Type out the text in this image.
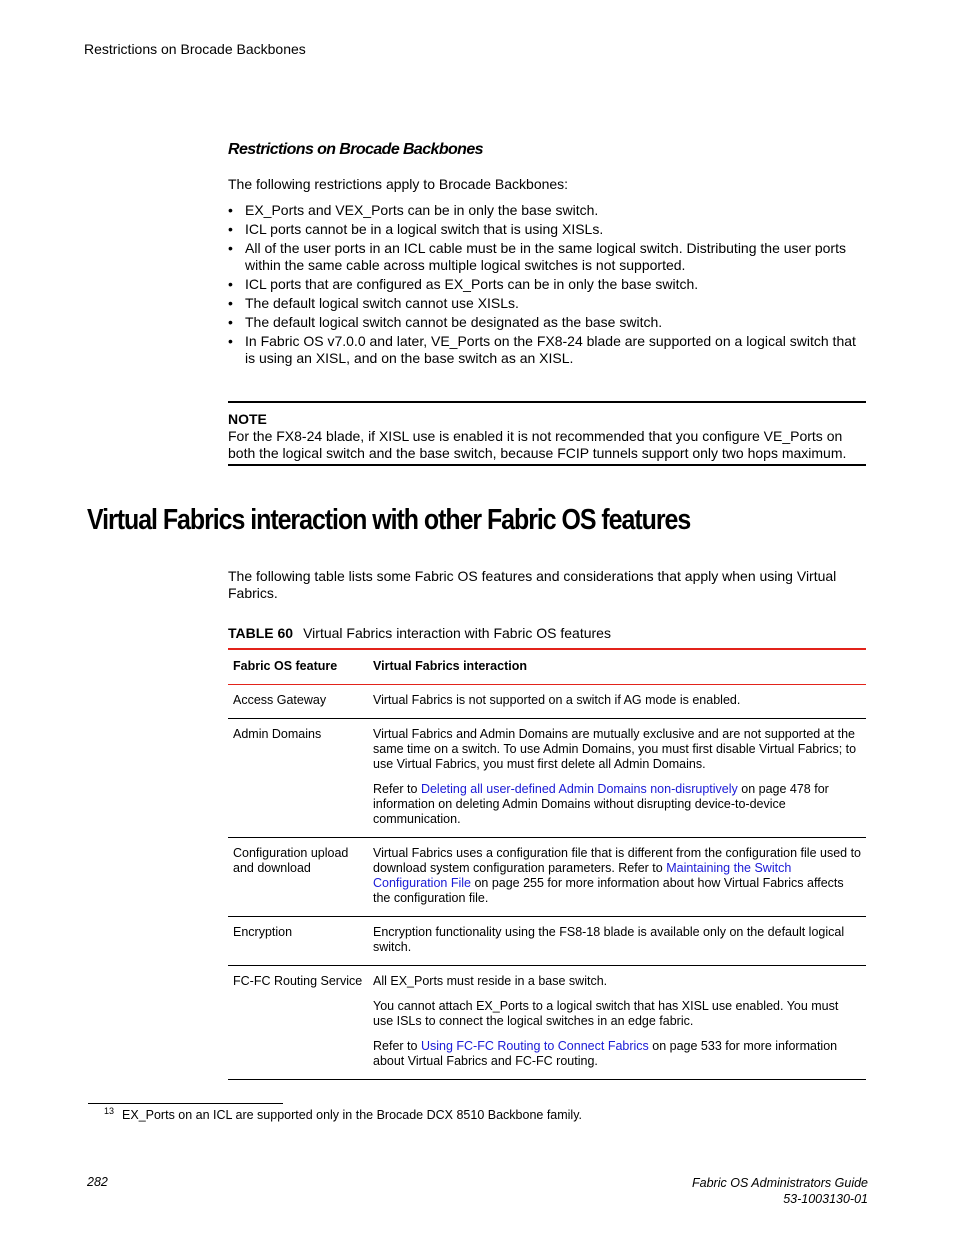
Restrictions on Brocade Backbones
Restrictions on Brocade Backbones
The following restrictions apply to Brocade Backbones:
• EX_Ports and VEX_Ports can be in only the base switch.
• ICL ports cannot be in a logical switch that is using XISLs.
• All of the user ports in an ICL cable must be in the same logical switch. Distributing the user ports within the same cable across multiple logical switches is not supported.
• ICL ports that are configured as EX_Ports can be in only the base switch.
• The default logical switch cannot use XISLs.
• The default logical switch cannot be designated as the base switch.
• In Fabric OS v7.0.0 and later, VE_Ports on the FX8-24 blade are supported on a logical switch that is using an XISL, and on the base switch as an XISL.
NOTE
For the FX8-24 blade, if XISL use is enabled it is not recommended that you configure VE_Ports on both the logical switch and the base switch, because FCIP tunnels support only two hops maximum.
Virtual Fabrics interaction with other Fabric OS features
The following table lists some Fabric OS features and considerations that apply when using Virtual Fabrics.
TABLE 60 Virtual Fabrics interaction with Fabric OS features
Fabric OS feature	Virtual Fabrics interaction
Access Gateway	Virtual Fabrics is not supported on a switch if AG mode is enabled.

Admin Domains	Virtual Fabrics and Admin Domains are mutually exclusive and are not supported at the same time on a switch. To use Admin Domains, you must first disable Virtual Fabrics; to use Virtual Fabrics, you must first delete all Admin Domains.

Refer to Deleting all user-defined Admin Domains non-disruptively on page 478 for information on deleting Admin Domains without disrupting device-to-device communication.

Configuration upload and download	Virtual Fabrics uses a configuration file that is different from the configuration file used to download system configuration parameters. Refer to Maintaining the Switch Configuration File on page 255 for more information about how Virtual Fabrics affects the configuration file.

Encryption	Encryption functionality using the FS8-18 blade is available only on the default logical switch.

FC-FC Routing Service	All EX_Ports must reside in a base switch.

You cannot attach EX_Ports to a logical switch that has XISL use enabled. You must use ISLs to connect the logical switches in an edge fabric.

Refer to Using FC-FC Routing to Connect Fabrics on page 533 for more information about Virtual Fabrics and FC-FC routing.

$^{13}$ EX_Ports on an ICL are supported only in the Brocade DCX 8510 Backbone family.
282	Fabric OS Administrators Guide
53-1003130-01
